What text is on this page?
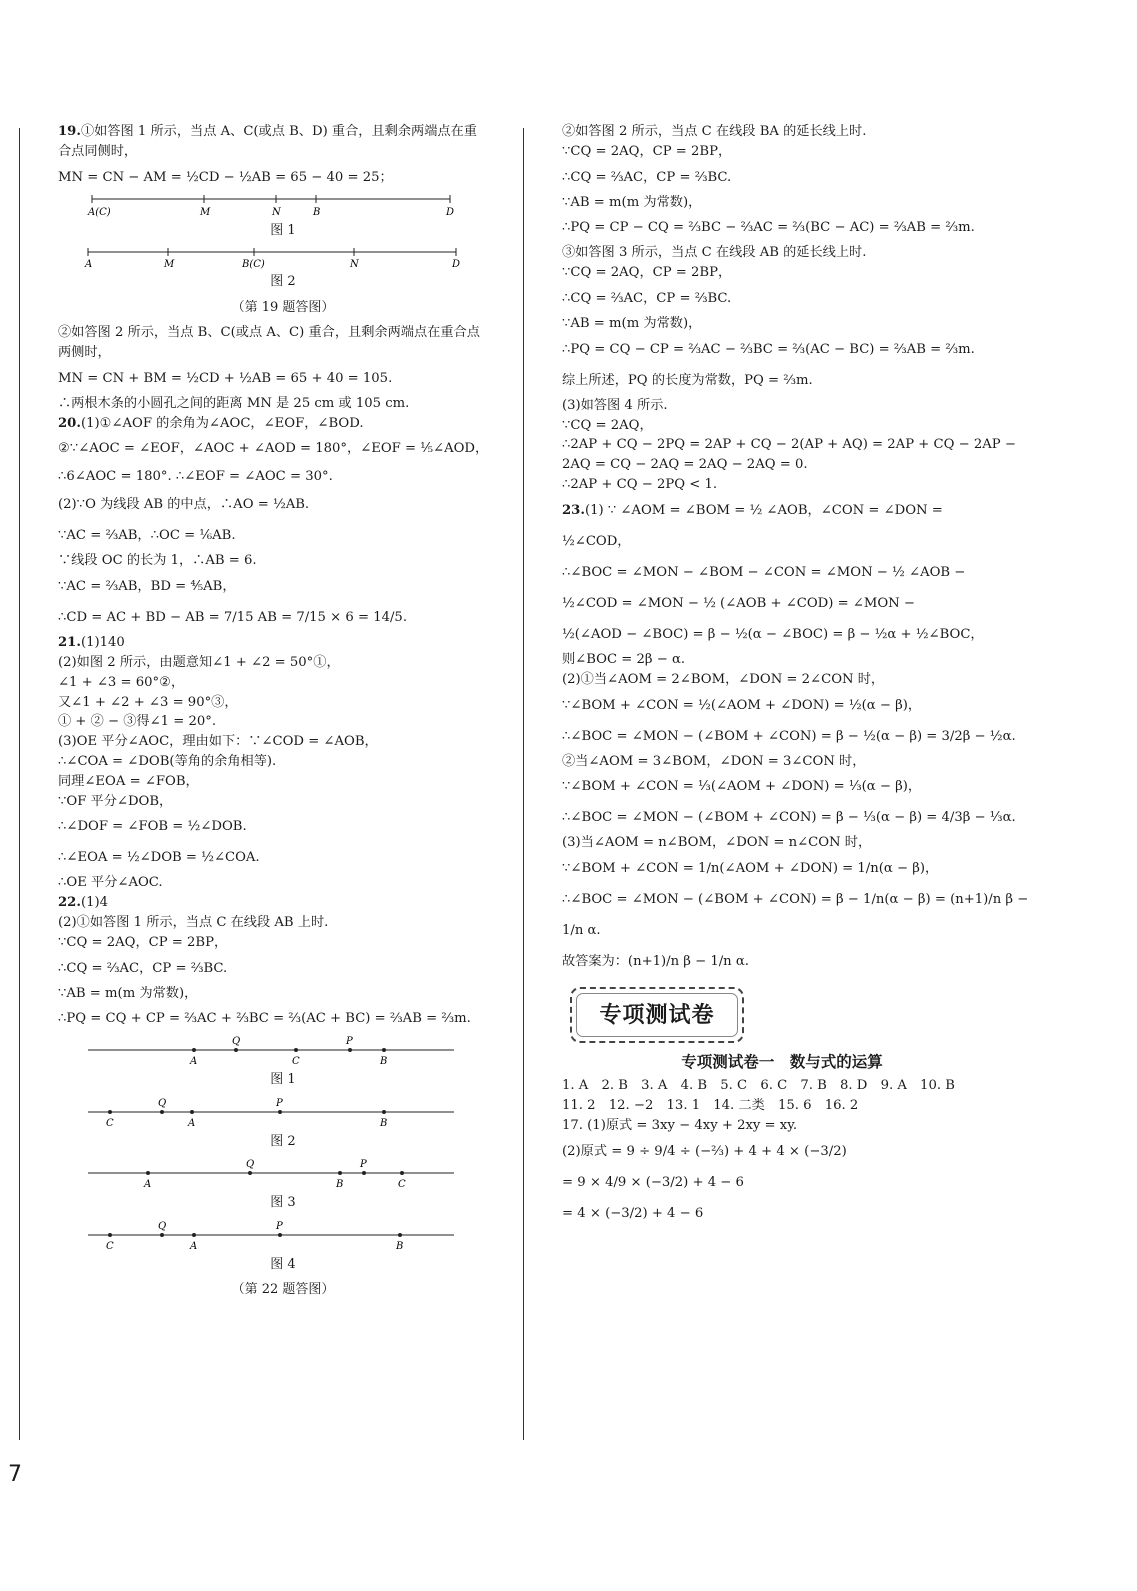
19.①如答图 1 所示，当点 A、C(或点 B、D) 重合，且剩余两端点在重

合点同侧时，

MN = CN − AM = ½CD − ½AB = 65 − 40 = 25；

A(C)	M	N	B	D
图 1
A	M	B(C)	N	D
图 2
（第 19 题答图）

②如答图 2 所示，当点 B、C(或点 A、C) 重合，且剩余两端点在重合点

两侧时，

MN = CN + BM = ½CD + ½AB = 65 + 40 = 105.

∴两根木条的小圆孔之间的距离 MN 是 25 cm 或 105 cm.

20.(1)①∠AOF 的余角为∠AOC，∠EOF，∠BOD.

②∵∠AOC = ∠EOF，∠AOC + ∠AOD = 180°，∠EOF = ⅕∠AOD，

∴6∠AOC = 180°. ∴∠EOF = ∠AOC = 30°.

(2)∵O 为线段 AB 的中点，∴AO = ½AB.

∵AC = ⅔AB，∴OC = ⅙AB.

∵线段 OC 的长为 1，∴AB = 6.

∵AC = ⅔AB，BD = ⅘AB，

∴CD = AC + BD − AB = 7/15 AB = 7/15 × 6 = 14/5.

21.(1)140

(2)如图 2 所示，由题意知∠1 + ∠2 = 50°①，

∠1 + ∠3 = 60°②，

又∠1 + ∠2 + ∠3 = 90°③，

① + ② − ③得∠1 = 20°.

(3)OE 平分∠AOC，理由如下：∵∠COD = ∠AOB，

∴∠COA = ∠DOB(等角的余角相等).

同理∠EOA = ∠FOB，

∵OF 平分∠DOB，

∴∠DOF = ∠FOB = ½∠DOB.

∴∠EOA = ½∠DOB = ½∠COA.

∴OE 平分∠AOC.

22.(1)4

(2)①如答图 1 所示，当点 C 在线段 AB 上时.

∵CQ = 2AQ，CP = 2BP，

∴CQ = ⅔AC，CP = ⅔BC.

∵AB = m(m 为常数)，

∴PQ = CQ + CP = ⅔AC + ⅔BC = ⅔(AC + BC) = ⅔AB = ⅔m.

A
Q
C
P
B
图 1
C
Q
A
P
B
图 2
A
Q
B
P
C
图 3
C
Q
A
P
B
图 4
（第 22 题答图）

②如答图 2 所示，当点 C 在线段 BA 的延长线上时.

∵CQ = 2AQ，CP = 2BP，

∴CQ = ⅔AC，CP = ⅔BC.

∵AB = m(m 为常数)，

∴PQ = CP − CQ = ⅔BC − ⅔AC = ⅔(BC − AC) = ⅔AB = ⅔m.

③如答图 3 所示，当点 C 在线段 AB 的延长线上时.

∵CQ = 2AQ，CP = 2BP，

∴CQ = ⅔AC，CP = ⅔BC.

∵AB = m(m 为常数)，

∴PQ = CQ − CP = ⅔AC − ⅔BC = ⅔(AC − BC) = ⅔AB = ⅔m.

综上所述，PQ 的长度为常数，PQ = ⅔m.

(3)如答图 4 所示.

∵CQ = 2AQ，

∴2AP + CQ − 2PQ = 2AP + CQ − 2(AP + AQ) = 2AP + CQ − 2AP −

2AQ = CQ − 2AQ = 2AQ − 2AQ = 0.

∴2AP + CQ − 2PQ < 1.

23.(1) ∵ ∠AOM = ∠BOM = ½ ∠AOB，∠CON = ∠DON =

½∠COD，

∴∠BOC = ∠MON − ∠BOM − ∠CON = ∠MON − ½ ∠AOB −

½∠COD = ∠MON − ½ (∠AOB + ∠COD) = ∠MON −

½(∠AOD − ∠BOC) = β − ½(α − ∠BOC) = β − ½α + ½∠BOC，

则∠BOC = 2β − α.

(2)①当∠AOM = 2∠BOM，∠DON = 2∠CON 时，

∵∠BOM + ∠CON = ½(∠AOM + ∠DON) = ½(α − β)，

∴∠BOC = ∠MON − (∠BOM + ∠CON) = β − ½(α − β) = 3/2β − ½α.

②当∠AOM = 3∠BOM，∠DON = 3∠CON 时，

∵∠BOM + ∠CON = ⅓(∠AOM + ∠DON) = ⅓(α − β)，

∴∠BOC = ∠MON − (∠BOM + ∠CON) = β − ⅓(α − β) = 4/3β − ⅓α.

(3)当∠AOM = n∠BOM，∠DON = n∠CON 时，

∵∠BOM + ∠CON = 1/n(∠AOM + ∠DON) = 1/n(α − β)，

∴∠BOC = ∠MON − (∠BOM + ∠CON) = β − 1/n(α − β) = (n+1)/n β −

1/n α.

故答案为：(n+1)/n β − 1/n α.

专项测试卷
专项测试卷一　数与式的运算

1. A　2. B　3. A　4. B　5. C　6. C　7. B　8. D　9. A　10. B

11. 2　12. −2　13. 1　14. 二类　15. 6　16. 2

17. (1)原式 = 3xy − 4xy + 2xy = xy.

(2)原式 = 9 ÷ 9/4 ÷ (−⅔) + 4 + 4 × (−3/2)

= 9 × 4/9 × (−3/2) + 4 − 6

= 4 × (−3/2) + 4 − 6

7
